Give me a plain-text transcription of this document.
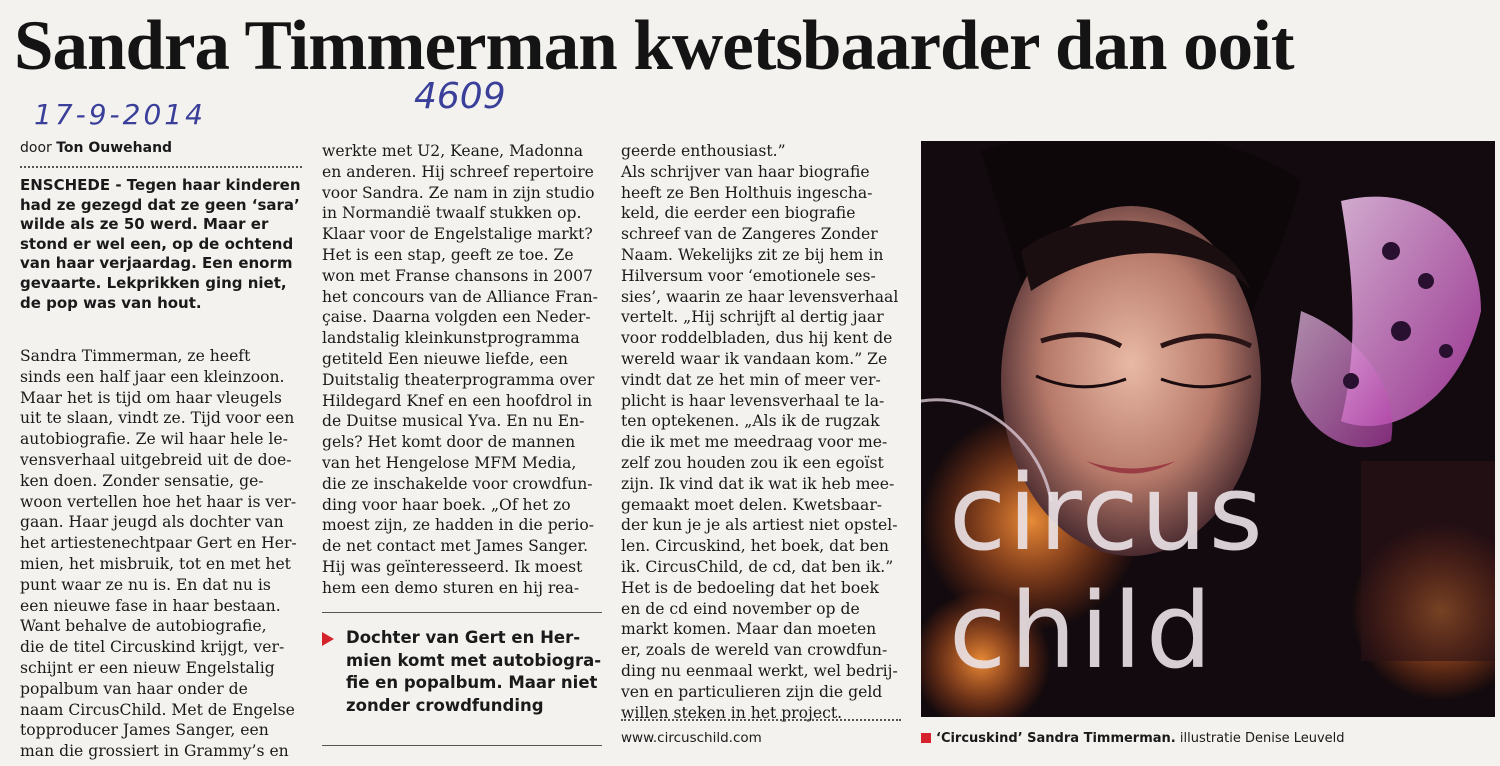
Sandra Timmerman kwetsbaarder dan ooit
17-9-2014	4609
door Ton Ouwehand
ENSCHEDE - Tegen haar kinderen had ze gezegd dat ze geen ‘sara’ wilde als ze 50 werd. Maar er stond er wel een, op de ochtend van haar verjaardag. Een enorm gevaarte. Lekprikken ging niet, de pop was van hout.
Sandra Timmerman, ze heeft
sinds een half jaar een kleinzoon.
Maar het is tijd om haar vleugels
uit te slaan, vindt ze. Tijd voor een
autobiografie. Ze wil haar hele le-
vensverhaal uitgebreid uit de doe-
ken doen. Zonder sensatie, ge-
woon vertellen hoe het haar is ver-
gaan. Haar jeugd als dochter van
het artiestenechtpaar Gert en Her-
mien, het misbruik, tot en met het
punt waar ze nu is. En dat nu is
een nieuwe fase in haar bestaan.
Want behalve de autobiografie,
die de titel Circuskind krijgt, ver-
schijnt er een nieuw Engelstalig
popalbum van haar onder de
naam CircusChild. Met de Engelse
topproducer James Sanger, een
man die grossiert in Grammy’s en
werkte met U2, Keane, Madonna
en anderen. Hij schreef repertoire
voor Sandra. Ze nam in zijn studio
in Normandië twaalf stukken op.
Klaar voor de Engelstalige markt?
Het is een stap, geeft ze toe. Ze
won met Franse chansons in 2007
het concours van de Alliance Fran-
çaise. Daarna volgden een Neder-
landstalig kleinkunstprogramma
getiteld Een nieuwe liefde, een
Duitstalig theaterprogramma over
Hildegard Knef en een hoofdrol in
de Duitse musical Yva. En nu En-
gels? Het komt door de mannen
van het Hengelose MFM Media,
die ze inschakelde voor crowdfun-
ding voor haar boek. „Of het zo
moest zijn, ze hadden in die perio-
de net contact met James Sanger.
Hij was geïnteresseerd. Ik moest
hem een demo sturen en hij rea-
geerde enthousiast.”
Als schrijver van haar biografie
heeft ze Ben Holthuis ingescha-
keld, die eerder een biografie
schreef van de Zangeres Zonder
Naam. Wekelijks zit ze bij hem in
Hilversum voor ‘emotionele ses-
sies’, waarin ze haar levensverhaal
vertelt. „Hij schrijft al dertig jaar
voor roddelbladen, dus hij kent de
wereld waar ik vandaan kom.” Ze
vindt dat ze het min of meer ver-
plicht is haar levensverhaal te la-
ten optekenen. „Als ik de rugzak
die ik met me meedraag voor me-
zelf zou houden zou ik een egoïst
zijn. Ik vind dat ik wat ik heb mee-
gemaakt moet delen. Kwetsbaar-
der kun je je als artiest niet opstel-
len. Circuskind, het boek, dat ben
ik. CircusChild, de cd, dat ben ik.”
Het is de bedoeling dat het boek
en de cd eind november op de
markt komen. Maar dan moeten
er, zoals de wereld van crowdfun-
ding nu eenmaal werkt, wel bedrij-
ven en particulieren zijn die geld
willen steken in het project.
Dochter van Gert en Her-
mien komt met autobiogra-
fie en popalbum. Maar niet
zonder crowdfunding
www.circuschild.com
circus
child
‘Circuskind’ Sandra Timmerman. illustratie Denise Leuveld
